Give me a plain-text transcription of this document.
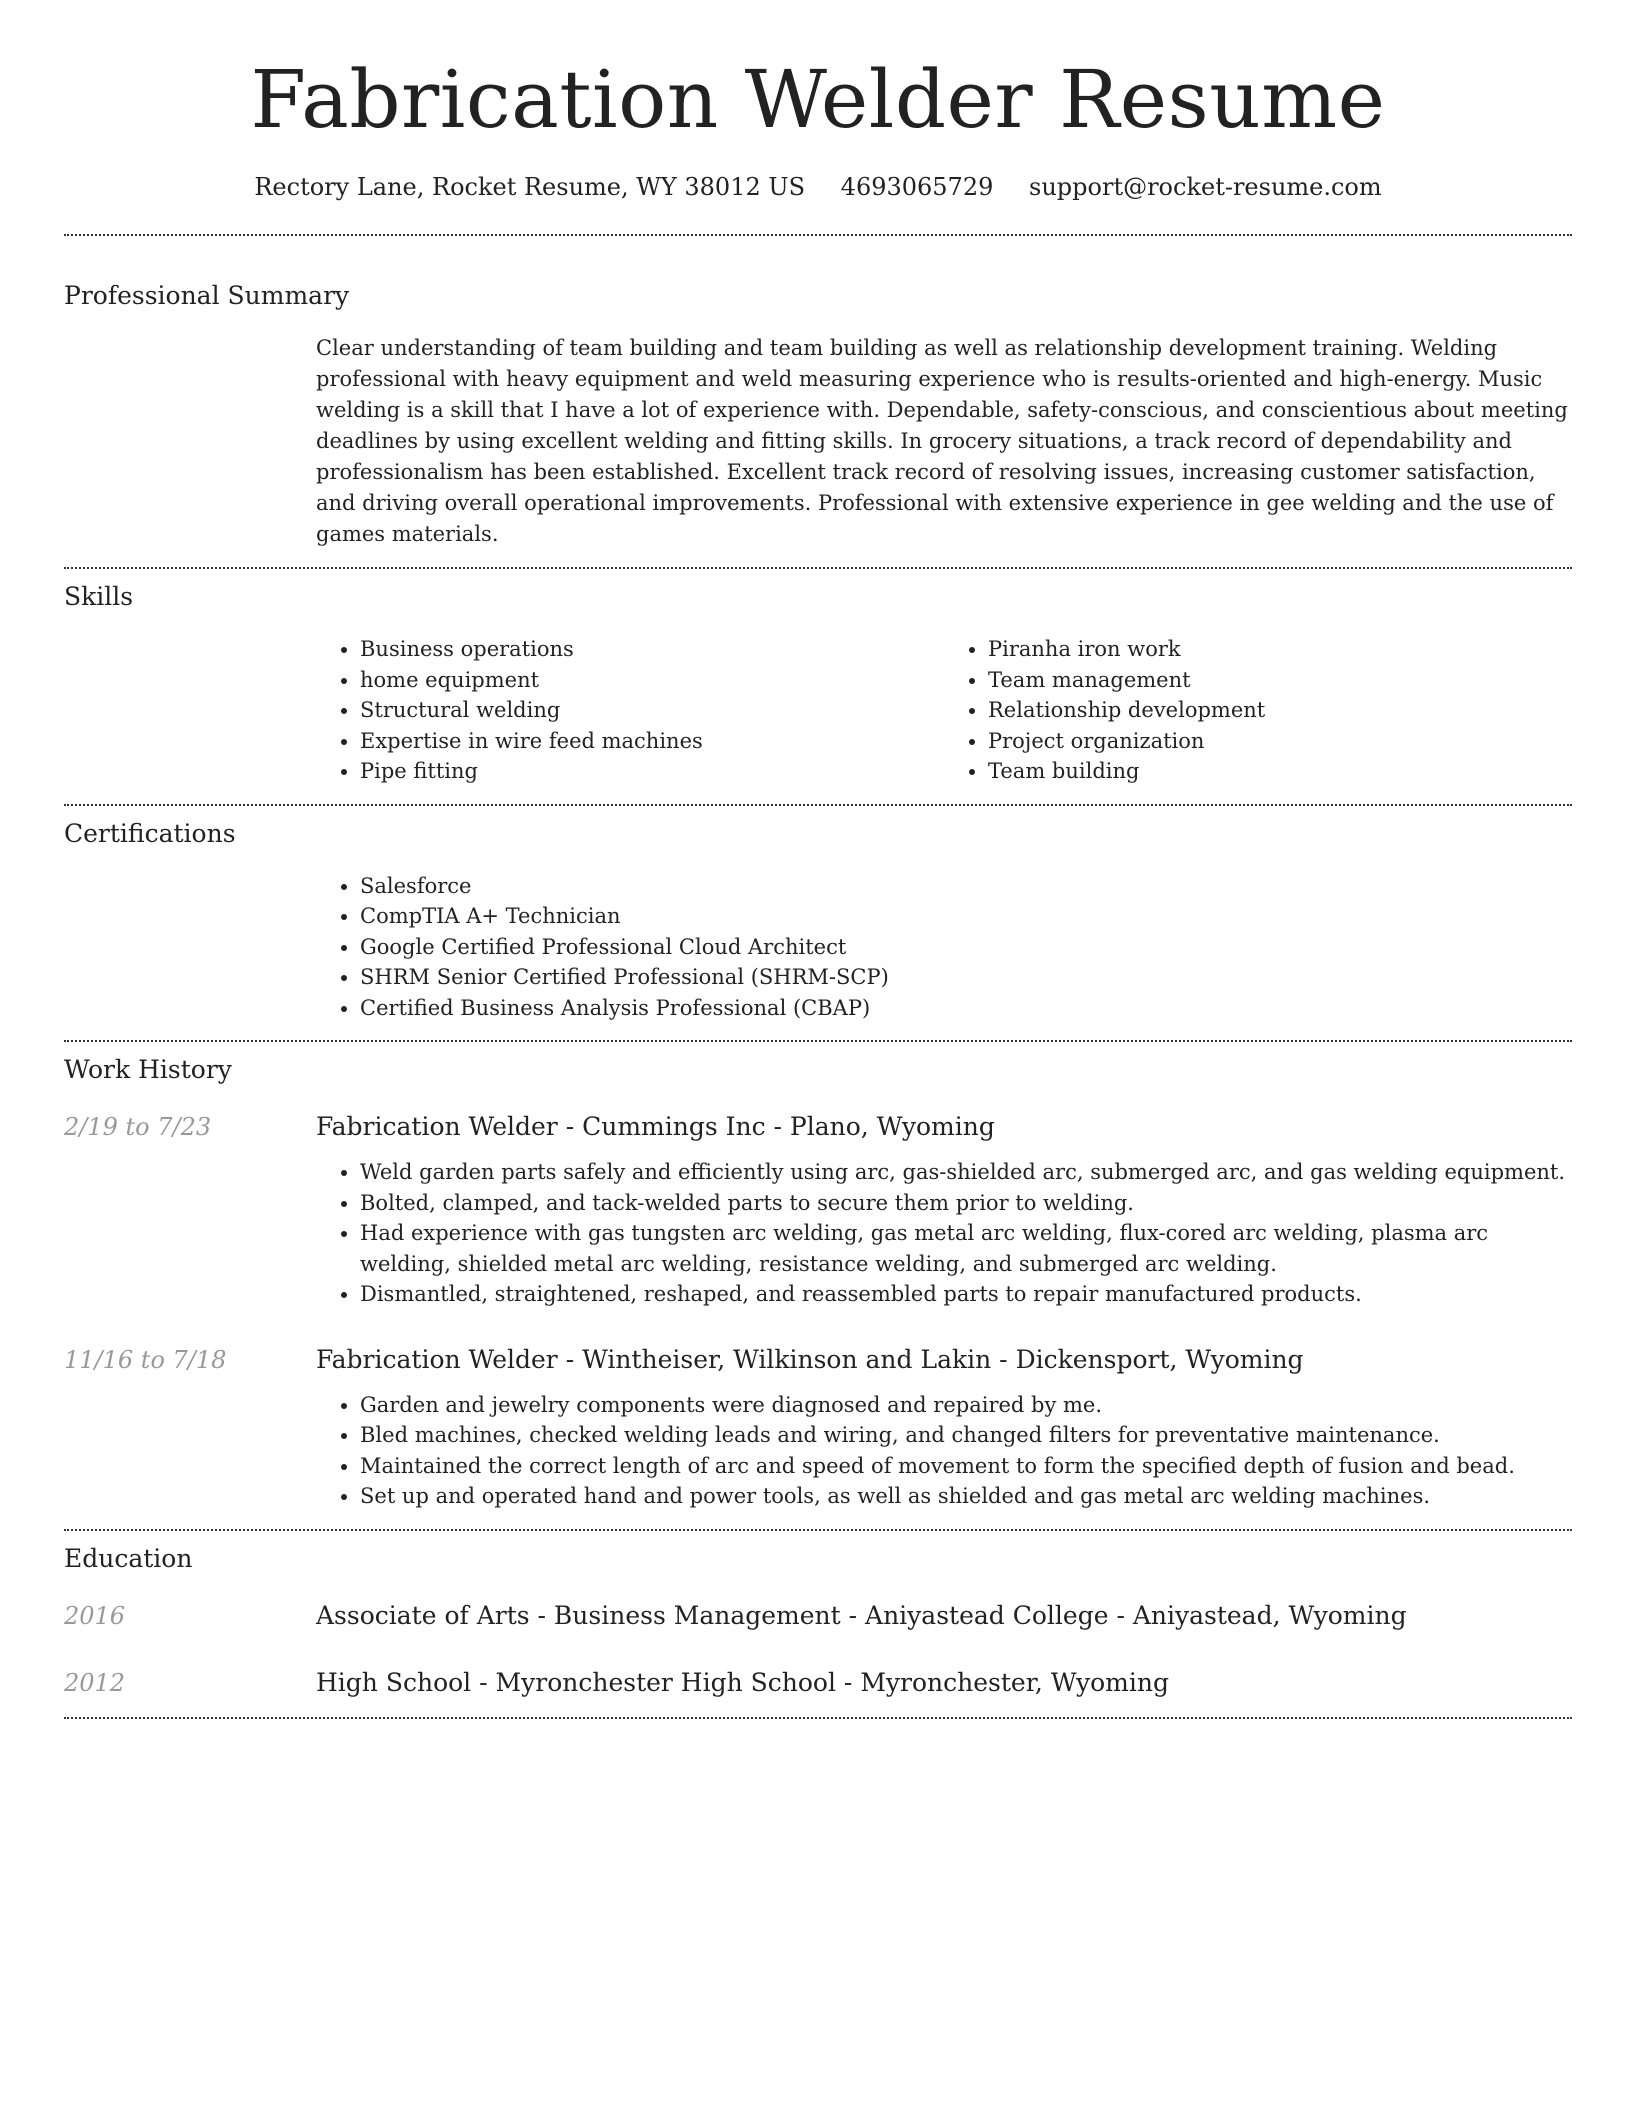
Fabrication Welder Resume
Rectory Lane, Rocket Resume, WY 38012 US 4693065729 support@rocket-resume.com
Professional Summary

Clear understanding of team building and team building as well as relationship development training. Welding professional with heavy equipment and weld measuring experience who is results-oriented and high-energy. Music welding is a skill that I have a lot of experience with. Dependable, safety-conscious, and conscientious about meeting deadlines by using excellent welding and fitting skills. In grocery situations, a track record of dependability and professionalism has been established. Excellent track record of resolving issues, increasing customer satisfaction, and driving overall operational improvements. Professional with extensive experience in gee welding and the use of games materials.

Skills
• Business operations
• home equipment
• Structural welding
• Expertise in wire feed machines
• Pipe fitting
• Piranha iron work
• Team management
• Relationship development
• Project organization
• Team building
Certifications
• Salesforce
• CompTIA A+ Technician
• Google Certified Professional Cloud Architect
• SHRM Senior Certified Professional (SHRM-SCP)
• Certified Business Analysis Professional (CBAP)
Work History
2/19 to 7/23	Fabrication Welder - Cummings Inc - Plano, Wyoming
• Weld garden parts safely and efficiently using arc, gas-shielded arc, submerged arc, and gas welding equipment.
• Bolted, clamped, and tack-welded parts to secure them prior to welding.
• Had experience with gas tungsten arc welding, gas metal arc welding, flux-cored arc welding, plasma arc welding, shielded metal arc welding, resistance welding, and submerged arc welding.
• Dismantled, straightened, reshaped, and reassembled parts to repair manufactured products.
11/16 to 7/18	Fabrication Welder - Wintheiser, Wilkinson and Lakin - Dickensport, Wyoming
• Garden and jewelry components were diagnosed and repaired by me.
• Bled machines, checked welding leads and wiring, and changed filters for preventative maintenance.
• Maintained the correct length of arc and speed of movement to form the specified depth of fusion and bead.
• Set up and operated hand and power tools, as well as shielded and gas metal arc welding machines.
Education
2016	Associate of Arts - Business Management - Aniyastead College - Aniyastead, Wyoming
2012	High School - Myronchester High School - Myronchester, Wyoming
